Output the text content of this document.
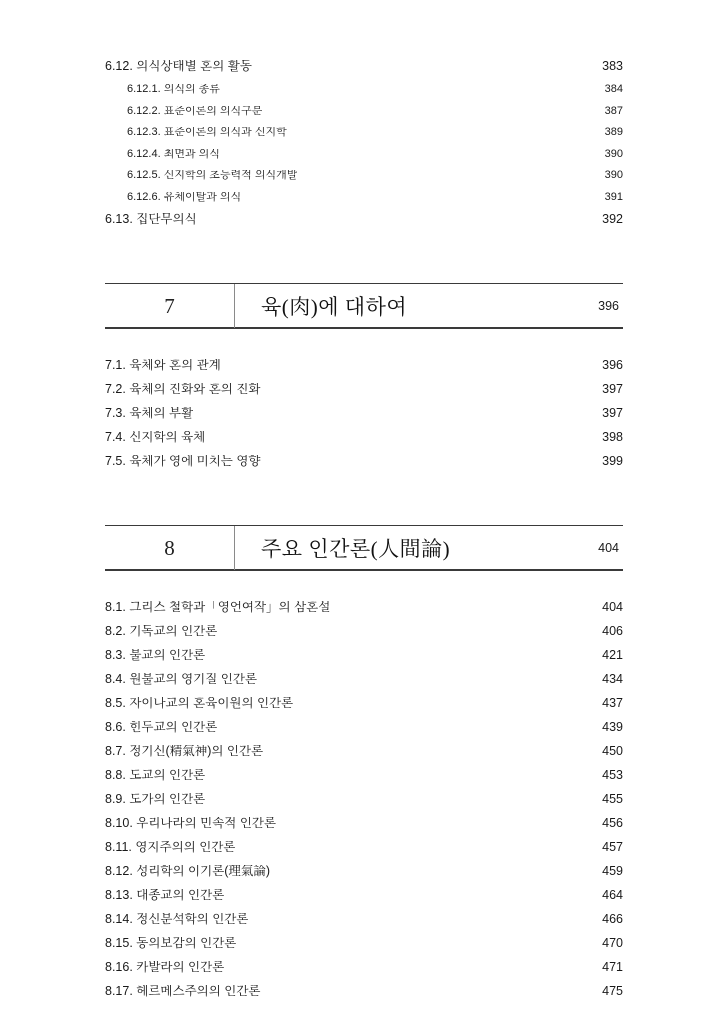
6.12. 의식상태별 혼의 활동	383
6.12.1. 의식의 종류	384
6.12.2. 표준이론의 의식구분	387
6.12.3. 표준이론의 의식과 신지학	389
6.12.4. 최면과 의식	390
6.12.5. 신지학의 초능력적 의식개발	390
6.12.6. 유체이탈과 의식	391
6.13. 집단무의식	392
7	육(肉)에 대하여	396
7.1. 육체와 혼의 관계	396
7.2. 육체의 진화와 혼의 진화	397
7.3. 육체의 부활	397
7.4. 신지학의 육체	398
7.5. 육체가 영에 미치는 영향	399
8	주요 인간론(人間論)	404
8.1. 그리스 철학과「영언여작」의 삼혼설	404
8.2. 기독교의 인간론	406
8.3. 불교의 인간론	421
8.4. 원불교의 영기질 인간론	434
8.5. 자이나교의 혼육이원의 인간론	437
8.6. 힌두교의 인간론	439
8.7. 정기신(精氣神)의 인간론	450
8.8. 도교의 인간론	453
8.9. 도가의 인간론	455
8.10. 우리나라의 민속적 인간론	456
8.11. 영지주의의 인간론	457
8.12. 성리학의 이기론(理氣論)	459
8.13. 대종교의 인간론	464
8.14. 정신분석학의 인간론	466
8.15. 동의보감의 인간론	470
8.16. 카발라의 인간론	471
8.17. 헤르메스주의의 인간론	475
